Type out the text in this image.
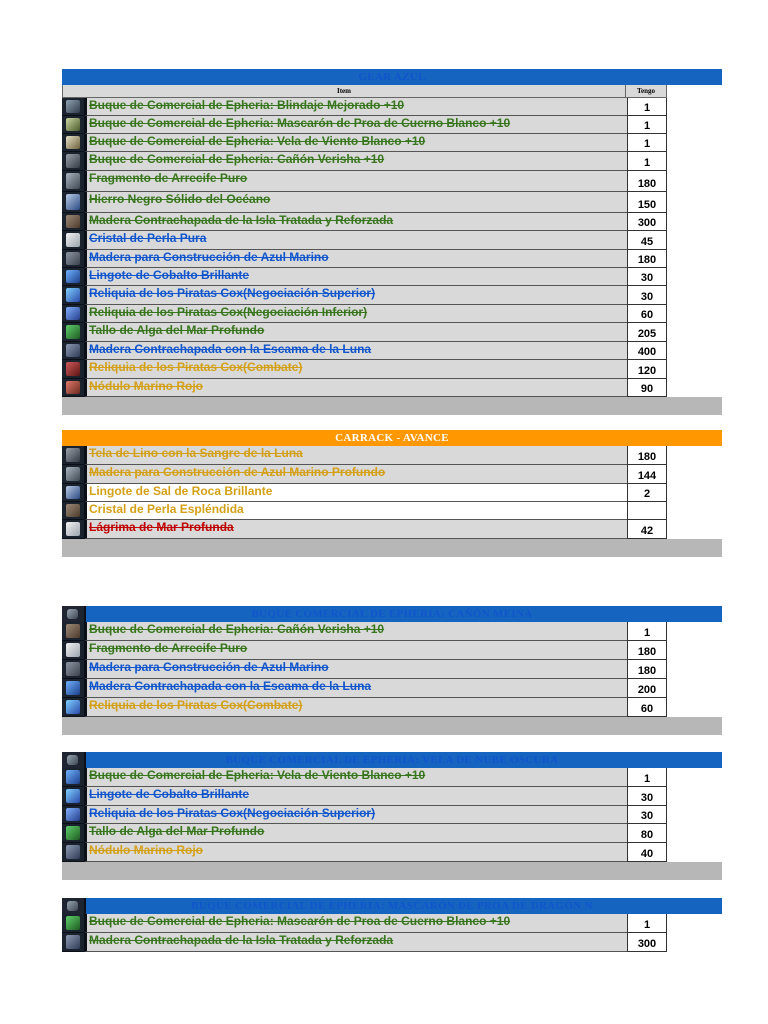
GEAR AZUL
Item	Tengo
Buque de Comercial de Epheria: Blindaje Mejorado +10	1
Buque de Comercial de Epheria: Mascarón de Proa de Cuerno Blanco +10	1
Buque de Comercial de Epheria: Vela de Viento Blanco +10	1
Buque de Comercial de Epheria: Cañón Verisha +10	1
Fragmento de Arrecife Puro	180
Hierro Negro Sólido del Océano	150
Madera Contrachapada de la Isla Tratada y Reforzada	300
Cristal de Perla Pura	45
Madera para Construcción de Azul Marino	180
Lingote de Cobalto Brillante	30
Reliquia de los Piratas Cox(Negociación Superior)	30
Reliquia de los Piratas Cox(Negociación Inferior)	60
Tallo de Alga del Mar Profundo	205
Madera Contrachapada con la Escama de la Luna	400
Reliquia de los Piratas Cox(Combate)	120
Nódulo Marino Rojo	90
CARRACK - AVANCE
Tela de Lino con la Sangre de la Luna	180
Madera para Construcción de Azul Marino Profundo	144
Lingote de Sal de Roca Brillante	2
Cristal de Perla Espléndida
Lágrima de Mar Profunda	42
BUQUE COMERCIAL DE EPHERIA: CAÑÓN MEINA
Buque de Comercial de Epheria: Cañón Verisha +10	1
Fragmento de Arrecife Puro	180
Madera para Construcción de Azul Marino	180
Madera Contrachapada con la Escama de la Luna	200
Reliquia de los Piratas Cox(Combate)	60
BUQUE COMERCIAL DE EPHERIA: VELA DE NUBE OSCURA
Buque de Comercial de Epheria: Vela de Viento Blanco +10	1
Lingote de Cobalto Brillante	30
Reliquia de los Piratas Cox(Negociación Superior)	30
Tallo de Alga del Mar Profundo	80
Nódulo Marino Rojo	40
BUQUE COMERCIAL DE EPHERIA: MASCARÓN DE PROA DE DRAGÓN N
Buque de Comercial de Epheria: Mascarón de Proa de Cuerno Blanco +10	1
Madera Contrachapada de la Isla Tratada y Reforzada	300
